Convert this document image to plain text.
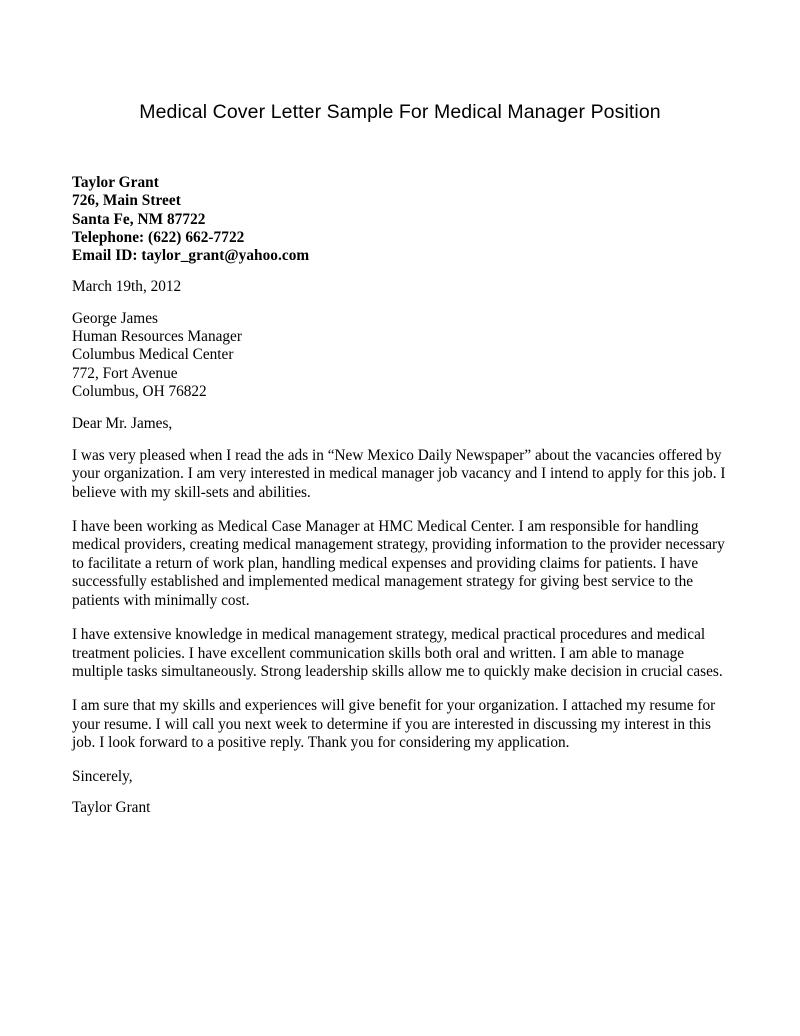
Medical Cover Letter Sample For Medical Manager Position
Taylor Grant
726, Main Street
Santa Fe, NM 87722
Telephone: (622) 662-7722
Email ID: taylor_grant@yahoo.com
March 19th, 2012
George James
Human Resources Manager
Columbus Medical Center
772, Fort Avenue
Columbus, OH 76822
Dear Mr. James,

I was very pleased when I read the ads in “New Mexico Daily Newspaper” about the vacancies offered by your organization. I am very interested in medical manager job vacancy and I intend to apply for this job. I believe with my skill-sets and abilities.

I have been working as Medical Case Manager at HMC Medical Center. I am responsible for handling medical providers, creating medical management strategy, providing information to the provider necessary to facilitate a return of work plan, handling medical expenses and providing claims for patients. I have successfully established and implemented medical management strategy for giving best service to the patients with minimally cost.

I have extensive knowledge in medical management strategy, medical practical procedures and medical treatment policies. I have excellent communication skills both oral and written. I am able to manage multiple tasks simultaneously. Strong leadership skills allow me to quickly make decision in crucial cases.

I am sure that my skills and experiences will give benefit for your organization. I attached my resume for your resume. I will call you next week to determine if you are interested in discussing my interest in this job. I look forward to a positive reply. Thank you for considering my application.

Sincerely,
Taylor Grant
